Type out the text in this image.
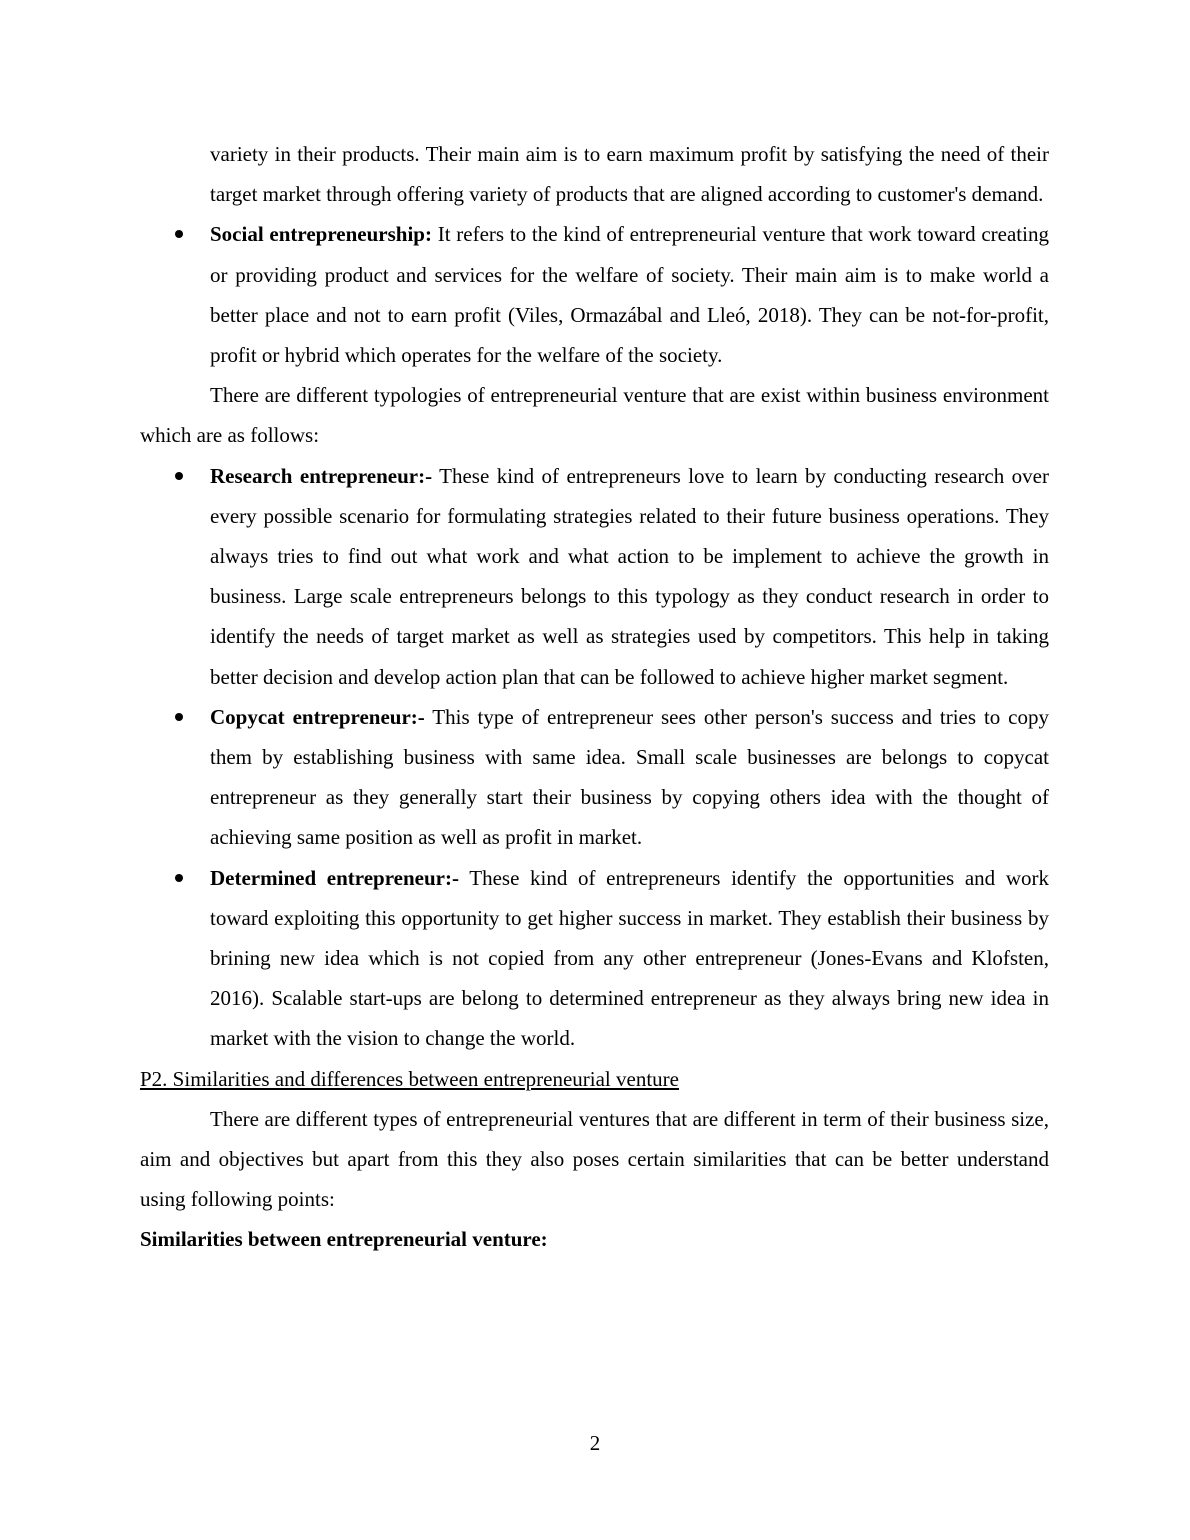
variety in their products. Their main aim is to earn maximum profit by satisfying the need of their target market through offering variety of products that are aligned according to customer's demand.

Social entrepreneurship: It refers to the kind of entrepreneurial venture that work toward creating or providing product and services for the welfare of society. Their main aim is to make world a better place and not to earn profit (Viles, Ormazábal and Lleó, 2018). They can be not-for-profit, profit or hybrid which operates for the welfare of the society.

There are different typologies of entrepreneurial venture that are exist within business environment which are as follows:

Research entrepreneur:- These kind of entrepreneurs love to learn by conducting research over every possible scenario for formulating strategies related to their future business operations. They always tries to find out what work and what action to be implement to achieve the growth in business. Large scale entrepreneurs belongs to this typology as they conduct research in order to identify the needs of target market as well as strategies used by competitors. This help in taking better decision and develop action plan that can be followed to achieve higher market segment.

Copycat entrepreneur:- This type of entrepreneur sees other person's success and tries to copy them by establishing business with same idea. Small scale businesses are belongs to copycat entrepreneur as they generally start their business by copying others idea with the thought of achieving same position as well as profit in market.

Determined entrepreneur:- These kind of entrepreneurs identify the opportunities and work toward exploiting this opportunity to get higher success in market. They establish their business by brining new idea which is not copied from any other entrepreneur (Jones-Evans and Klofsten, 2016). Scalable start-ups are belong to determined entrepreneur as they always bring new idea in market with the vision to change the world.

P2. Similarities and differences between entrepreneurial venture

There are different types of entrepreneurial ventures that are different in term of their business size, aim and objectives but apart from this they also poses certain similarities that can be better understand using following points:

Similarities between entrepreneurial venture:

2
